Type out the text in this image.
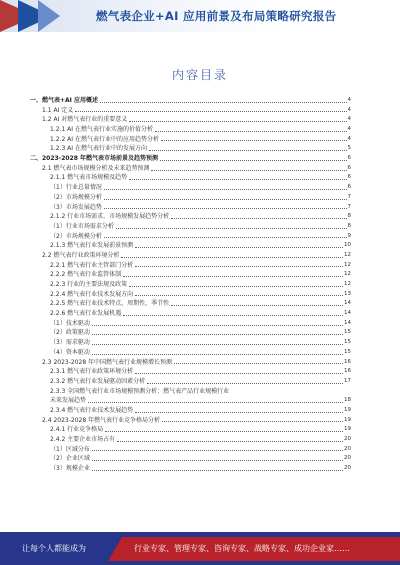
燃气表企业+AI 应用前景及布局策略研究报告
内容目录
一、燃气表+AI 应用概述	4
1.1 AI 定义	4
1.2 AI 对燃气表行业的重要意义	4
1.2.1 AI 在燃气表行业实施的价值分析	4
1.2.2 AI 在燃气表行业中的应用趋势分析	4
1.2.3 AI 在燃气表行业中的发展方向	5
二、2023-2028 年燃气表市场前景及趋势预测	6
2.1 燃气表市场规模分析及未来趋势预测	6
2.1.1 燃气表市场规模及趋势	6
（1）行业总量情况	6
（2）市场规模分析	7
（3）市场发展趋势	7
2.1.2 行业市场需求，市场规模发展趋势分析	8
（1）行业市场需求分析	8
（2）市场规模分析	9
2.1.3 燃气表行业发展前景预测	10
2.2 燃气表行业政策环境分析	12
2.2.1 燃气表行业主管部门分析	12
2.2.2 燃气表行业监管体制	12
2.2.3 行业的主要法规及政策	12
2.2.4 燃气表行业技术发展方向	13
2.2.5 燃气表行业技术特点，周期性，季节性	14
2.2.6 燃气表行业发展机遇	14
（1）技术驱动	14
（2）政策驱动	15
（3）需求驱动	15
（4）资本驱动	15
2.3 2023-2028 年中国燃气表行业规模增长预测	16
2.3.1 燃气表行业政策环境分析	16
2.3.2 燃气表行业发展驱动因素分析	17
2.3.3 全国燃气表行业市场规模预测分析：燃气表产品行业规模行业
未来发展趋势	18
2.3.4 燃气表行业技术发展趋势	19
2.4 2023-2028 年燃气表行业竞争格局分析	19
2.4.1 行业竞争格局	19
2.4.2 主要企业市场占有	20
（1）区域分布	20
（2）企业区域	20
（3）规模企业	20
让每个人都能成为	行业专家、管理专家、咨询专家、战略专家、成功企业家……
